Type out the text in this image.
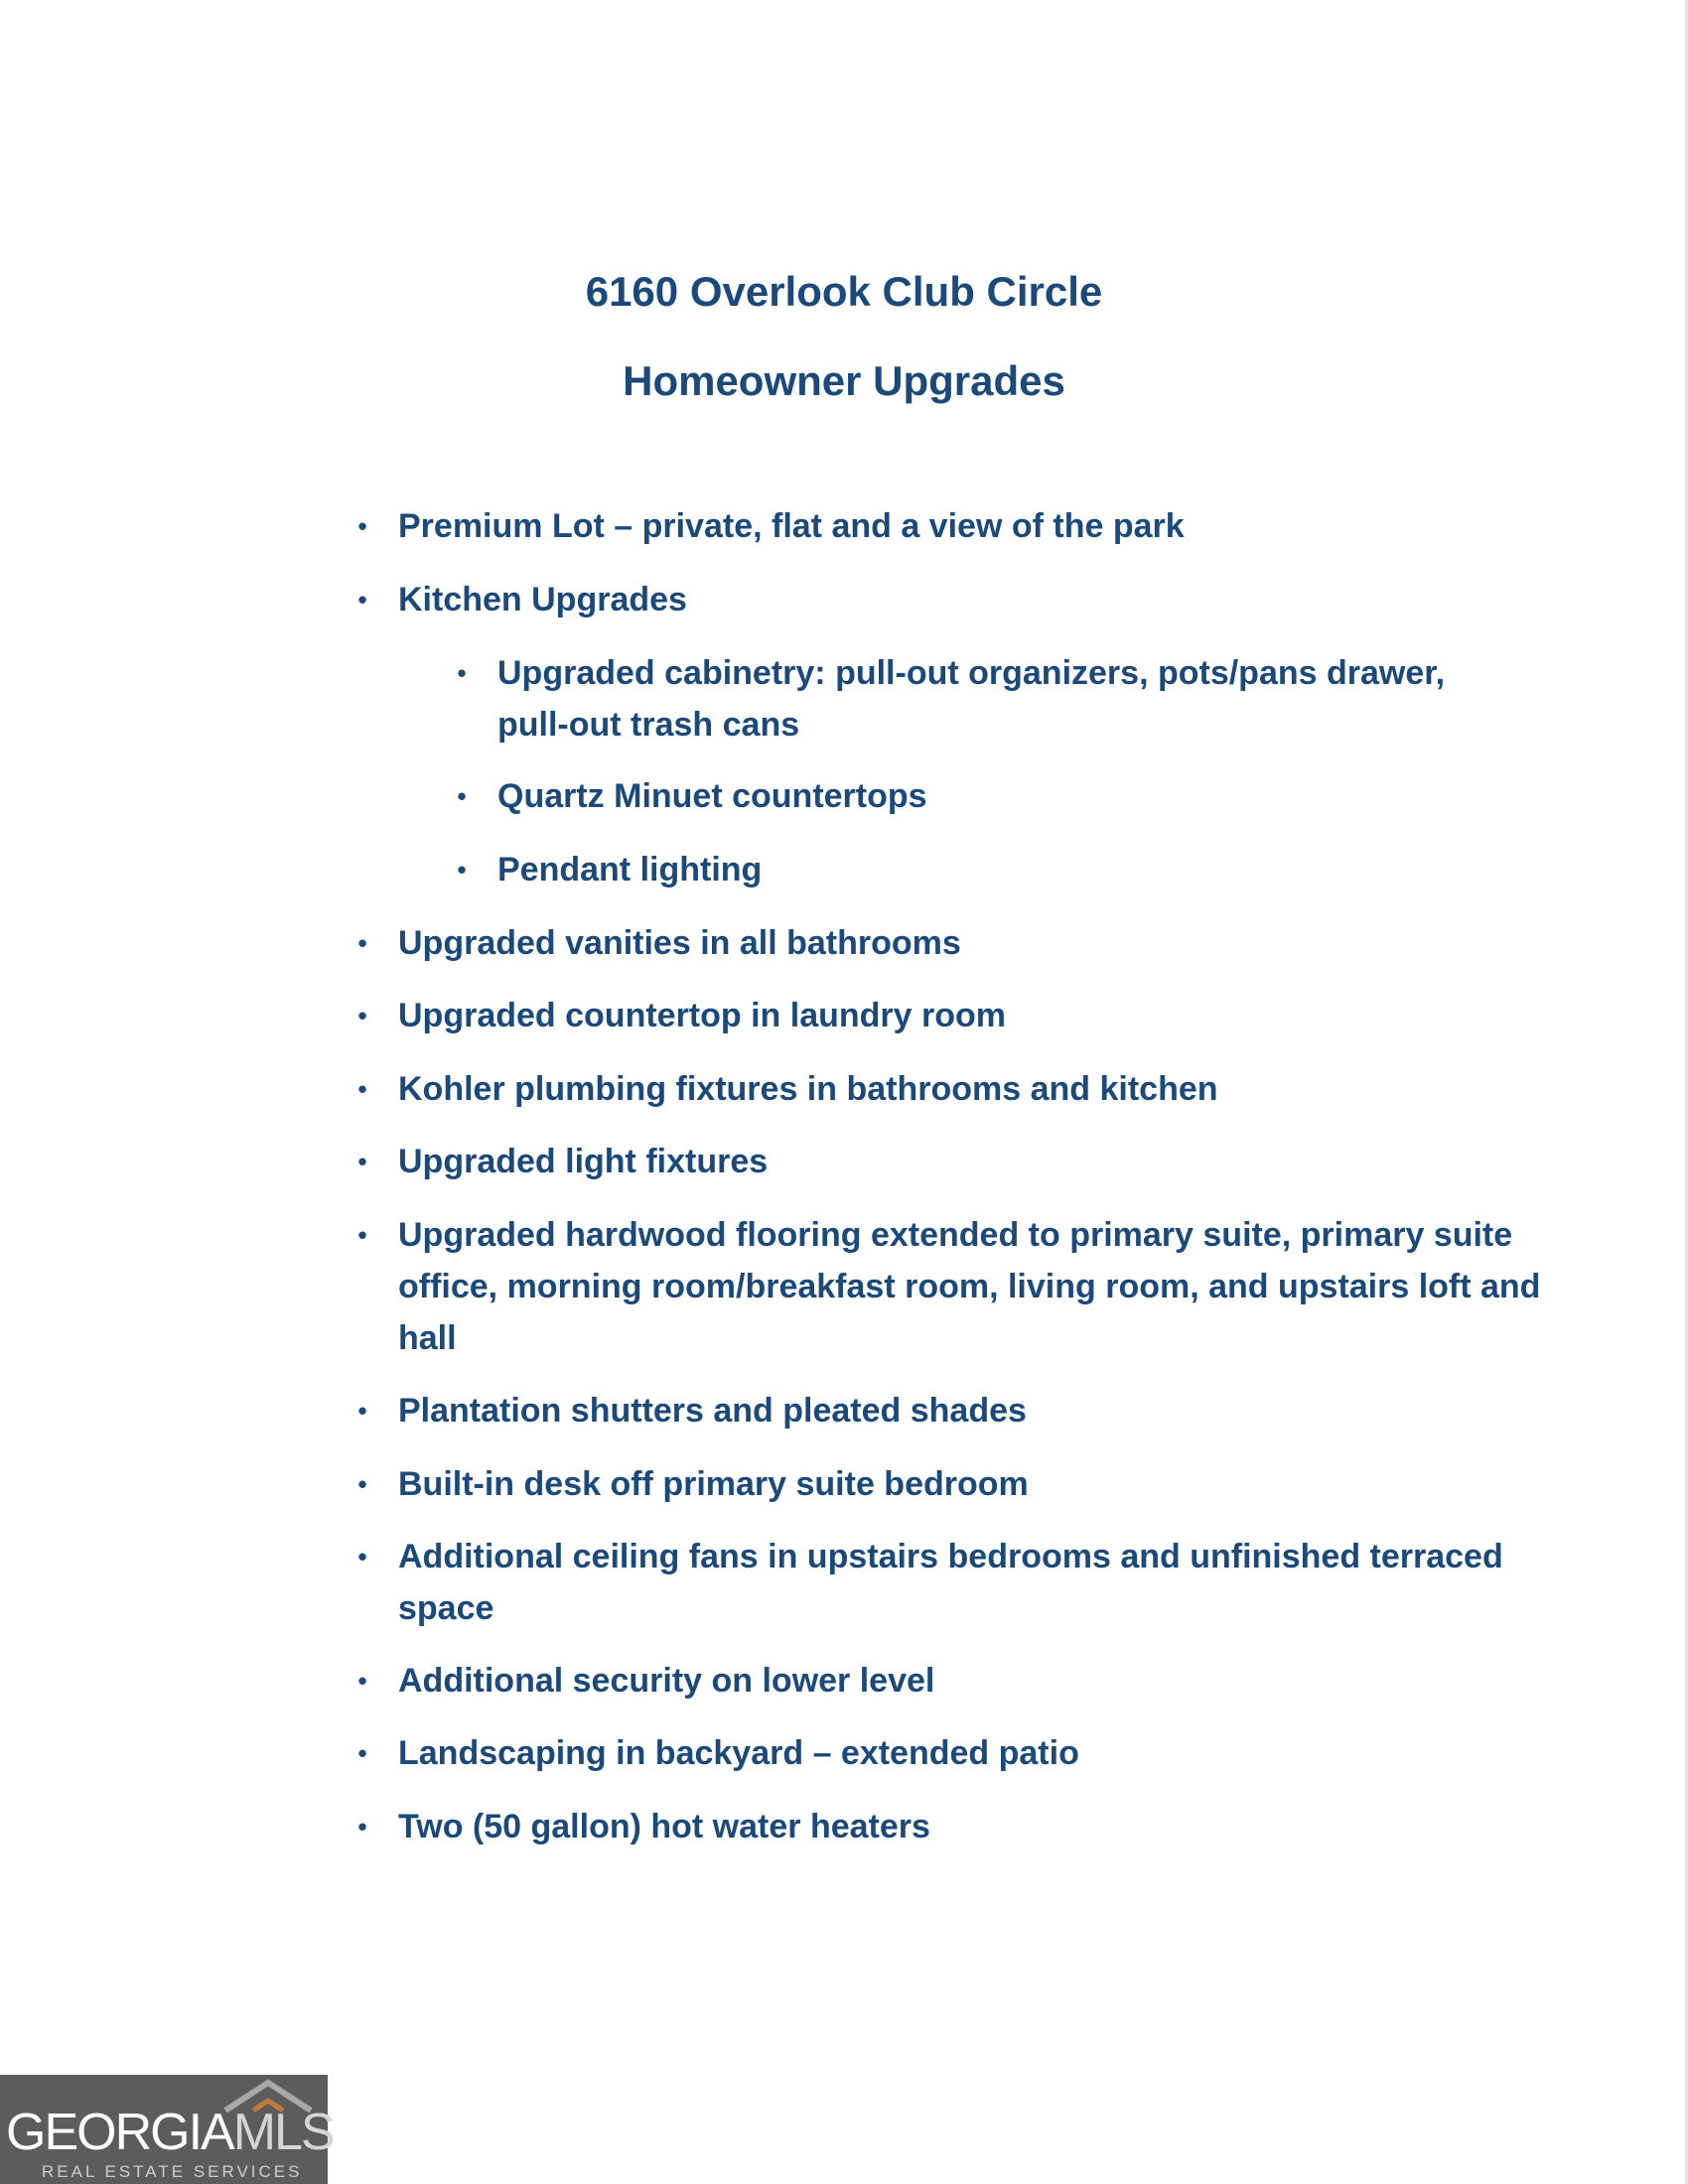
6160 Overlook Club Circle
Homeowner Upgrades
• Premium Lot – private, flat and a view of the park
• Kitchen Upgrades
• Upgraded cabinetry: pull-out organizers, pots/pans drawer, pull-out trash cans
• Quartz Minuet countertops
• Pendant lighting
• Upgraded vanities in all bathrooms
• Upgraded countertop in laundry room
• Kohler plumbing fixtures in bathrooms and kitchen
• Upgraded light fixtures
• Upgraded hardwood flooring extended to primary suite, primary suite office, morning room/breakfast room, living room, and upstairs loft and hall
• Plantation shutters and pleated shades
• Built-in desk off primary suite bedroom
• Additional ceiling fans in upstairs bedrooms and unfinished terraced space
• Additional security on lower level
• Landscaping in backyard – extended patio
• Two (50 gallon) hot water heaters
GEORGIAMLS
REAL ESTATE SERVICES
